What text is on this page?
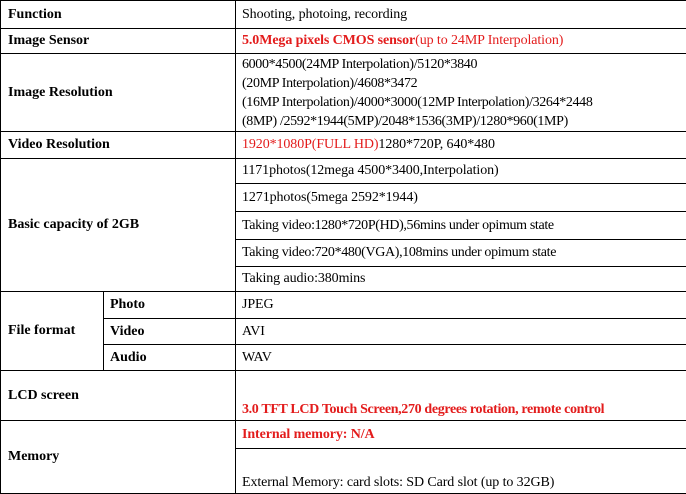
Function		Shooting, photoing, recording
Image Sensor		5.0Mega pixels CMOS sensor(up to 24MP Interpolation)
Image Resolution		6000*4500(24MP Interpolation)/5120*3840
(20MP Interpolation)/4608*3472
(16MP Interpolation)/4000*3000(12MP Interpolation)/3264*2448
(8MP) /2592*1944(5MP)/2048*1536(3MP)/1280*960(1MP)

Video Resolution		1920*1080P(FULL HD)1280*720P, 640*480
Basic capacity of 2GB		1171photos(12mega 4500*3400,Interpolation)
		1271photos(5mega 2592*1944)
		Taking video:1280*720P(HD),56mins under opimum state
		Taking video:720*480(VGA),108mins under opimum state
		Taking audio:380mins
File format	Photo	JPEG
	Video	AVI
	Audio	WAV
LCD screen		3.0 TFT LCD Touch Screen,270 degrees rotation, remote control
Memory		Internal memory: N/A
		External Memory: card slots: SD Card slot (up to 32GB)
